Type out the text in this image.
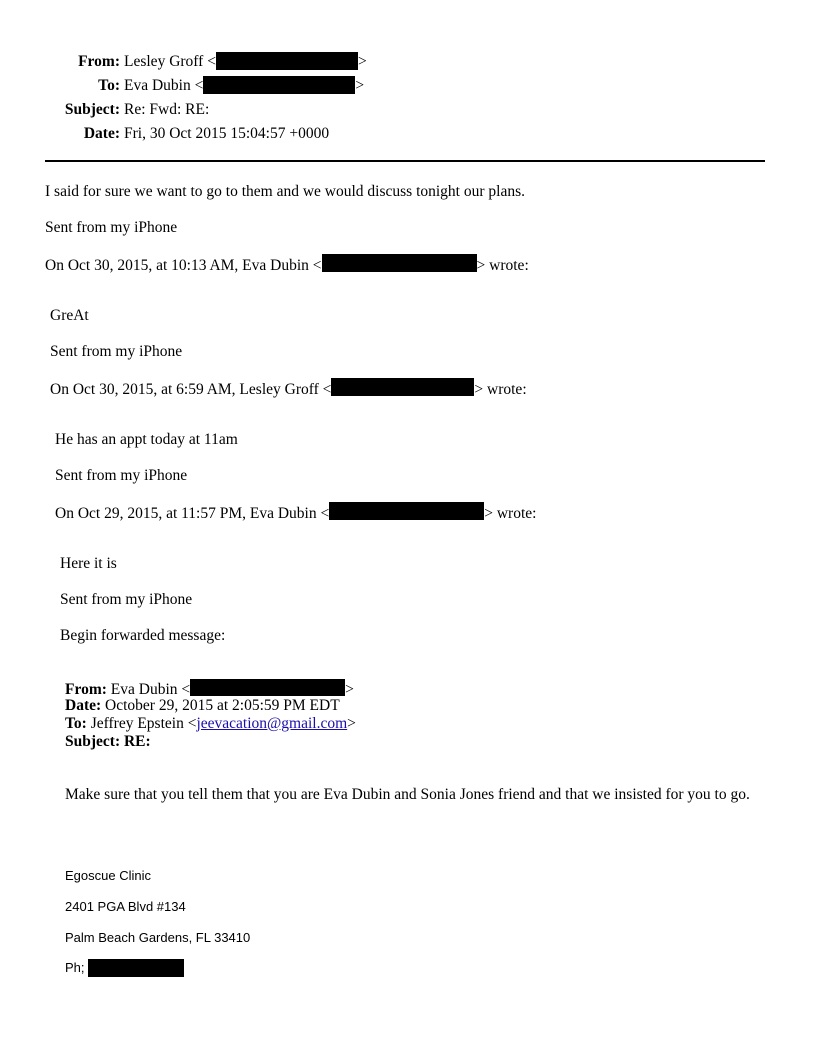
From: Lesley Groff <	>
To: Eva Dubin <	>
Subject: Re: Fwd: RE:
Date: Fri, 30 Oct 2015 15:04:57 +0000
I said for sure we want to go to them and we would discuss tonight our plans.
Sent from my iPhone
On Oct 30, 2015, at 10:13 AM, Eva Dubin <	> wrote:
GreAt
Sent from my iPhone
On Oct 30, 2015, at 6:59 AM, Lesley Groff <	> wrote:
He has an appt today at 11am
Sent from my iPhone
On Oct 29, 2015, at 11:57 PM, Eva Dubin <	> wrote:
Here it is
Sent from my iPhone
Begin forwarded message:
From: Eva Dubin <	>
Date: October 29, 2015 at 2:05:59 PM EDT
To: Jeffrey Epstein <jeevacation@gmail.com>
Subject: RE:
Make sure that you tell them that you are Eva Dubin and Sonia Jones friend and that we insisted for you to go.
Egoscue Clinic
2401 PGA Blvd #134
Palm Beach Gardens, FL 33410
Ph;
